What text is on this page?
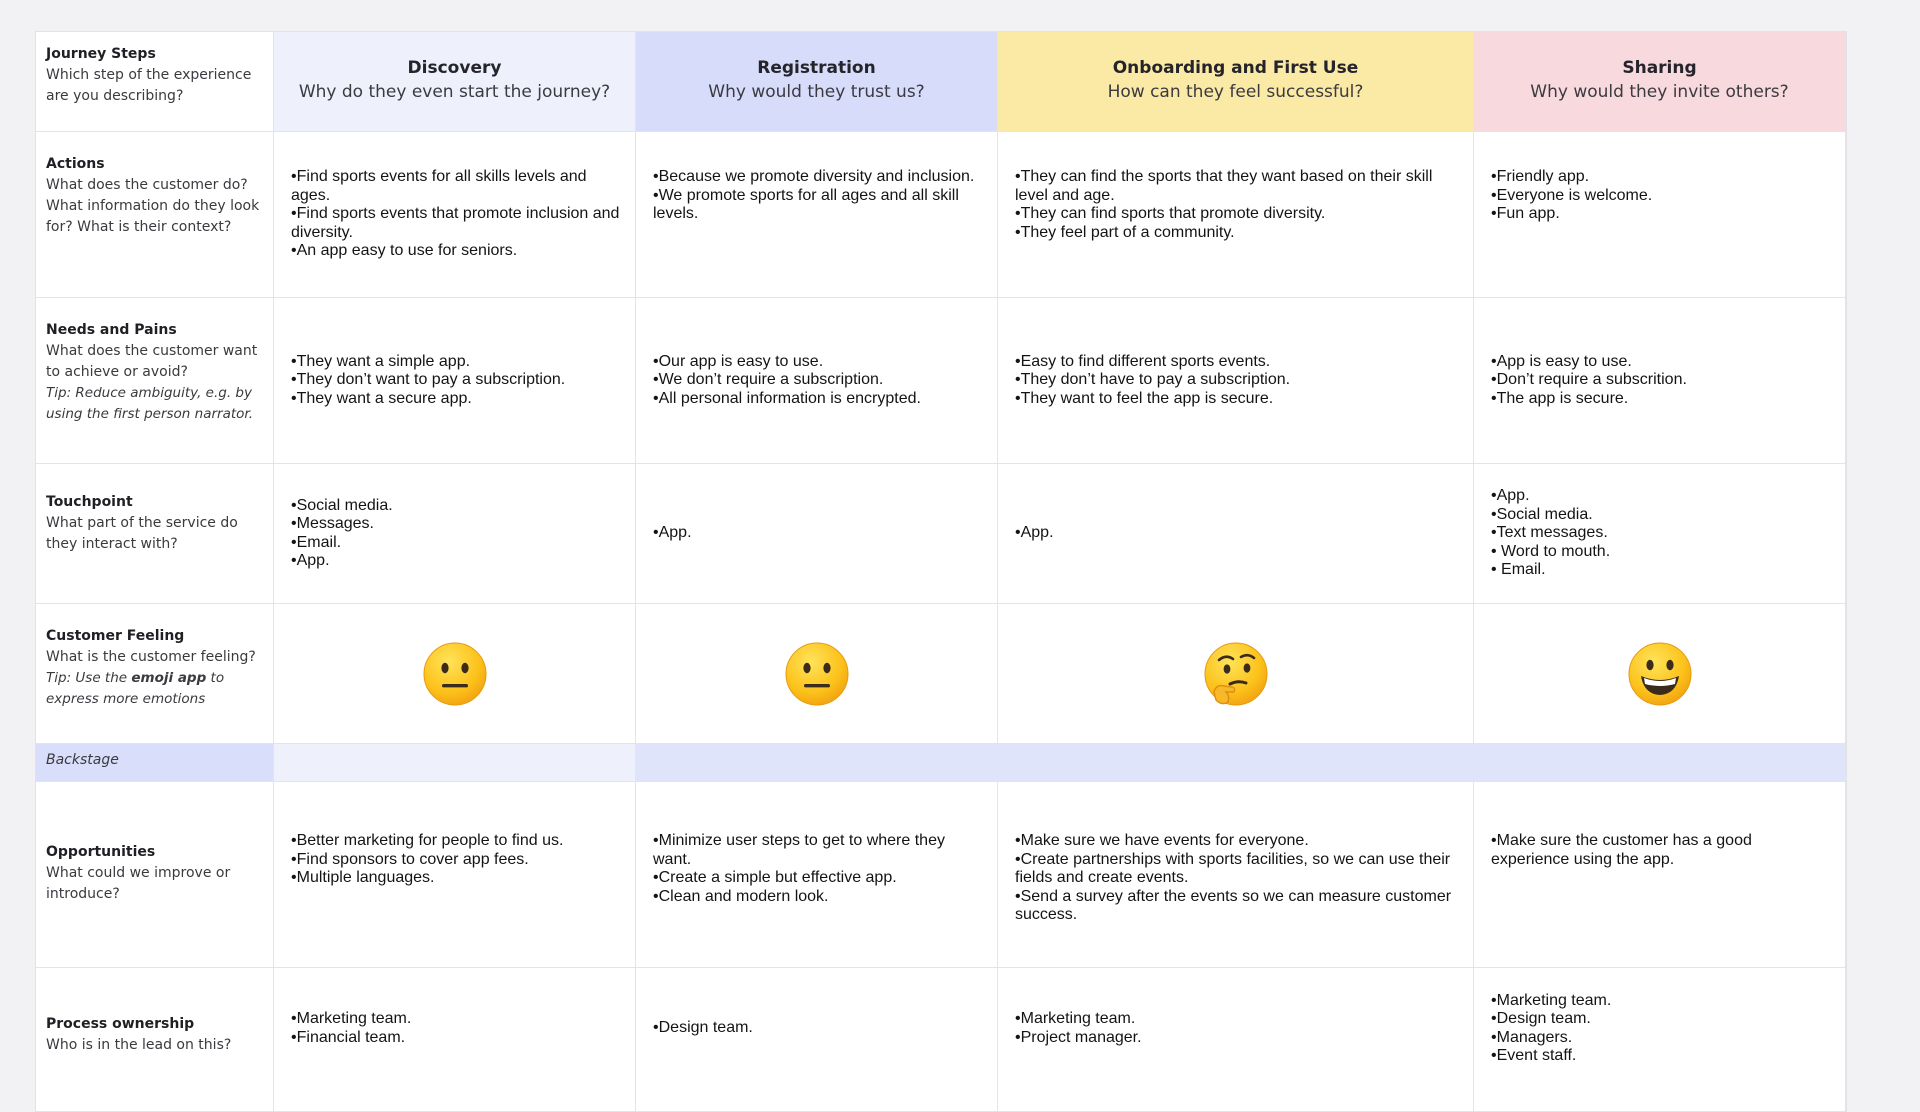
Journey Steps
Which step of the experience are you describing?
Actions
What does the customer do? What information do they look for? What is their context?
Needs and Pains
What does the customer want to achieve or avoid?
Tip: Reduce ambiguity, e.g. by using the first person narrator.
Touchpoint
What part of the service do they interact with?
Customer Feeling
What is the customer feeling?
Tip: Use the emoji app to express more emotions
Backstage
Opportunities
What could we improve or introduce?
Process ownership
Who is in the lead on this?
Discovery
Why do they even start the journey?
• Find sports events for all skills levels and ages.
• Find sports events that promote inclusion and diversity.
• An app easy to use for seniors.
• They want a simple app.
• They don’t want to pay a subscription.
• They want a secure app.
• Social media.
• Messages.
• Email.
• App.
• Better marketing for people to find us.
• Find sponsors to cover app fees.
• Multiple languages.
• Marketing team.
• Financial team.
Registration
Why would they trust us?
• Because we promote diversity and inclusion.
• We promote sports for all ages and all skill levels.
• Our app is easy to use.
• We don’t require a subscription.
• All personal information is encrypted.
• App.
• Minimize user steps to get to where they want.
• Create a simple but effective app.
• Clean and modern look.
• Design team.
Onboarding and First Use
How can they feel successful?
• They can find the sports that they want based on their skill level and age.
• They can find sports that promote diversity.
• They feel part of a community.
• Easy to find different sports events.
• They don’t have to pay a subscription.
• They want to feel the app is secure.
• App.
• Make sure we have events for everyone.
• Create partnerships with sports facilities, so we can use their fields and create events.
• Send a survey after the events so we can measure customer success.
• Marketing team.
• Project manager.
Sharing
Why would they invite others?
• Friendly app.
• Everyone is welcome.
• Fun app.
• App is easy to use.
• Don’t require a subscrition.
• The app is secure.
• App.
• Social media.
• Text messages.
• Word to mouth.
• Email.
• Make sure the customer has a good experience using the app.
• Marketing team.
• Design team.
• Managers.
• Event staff.
